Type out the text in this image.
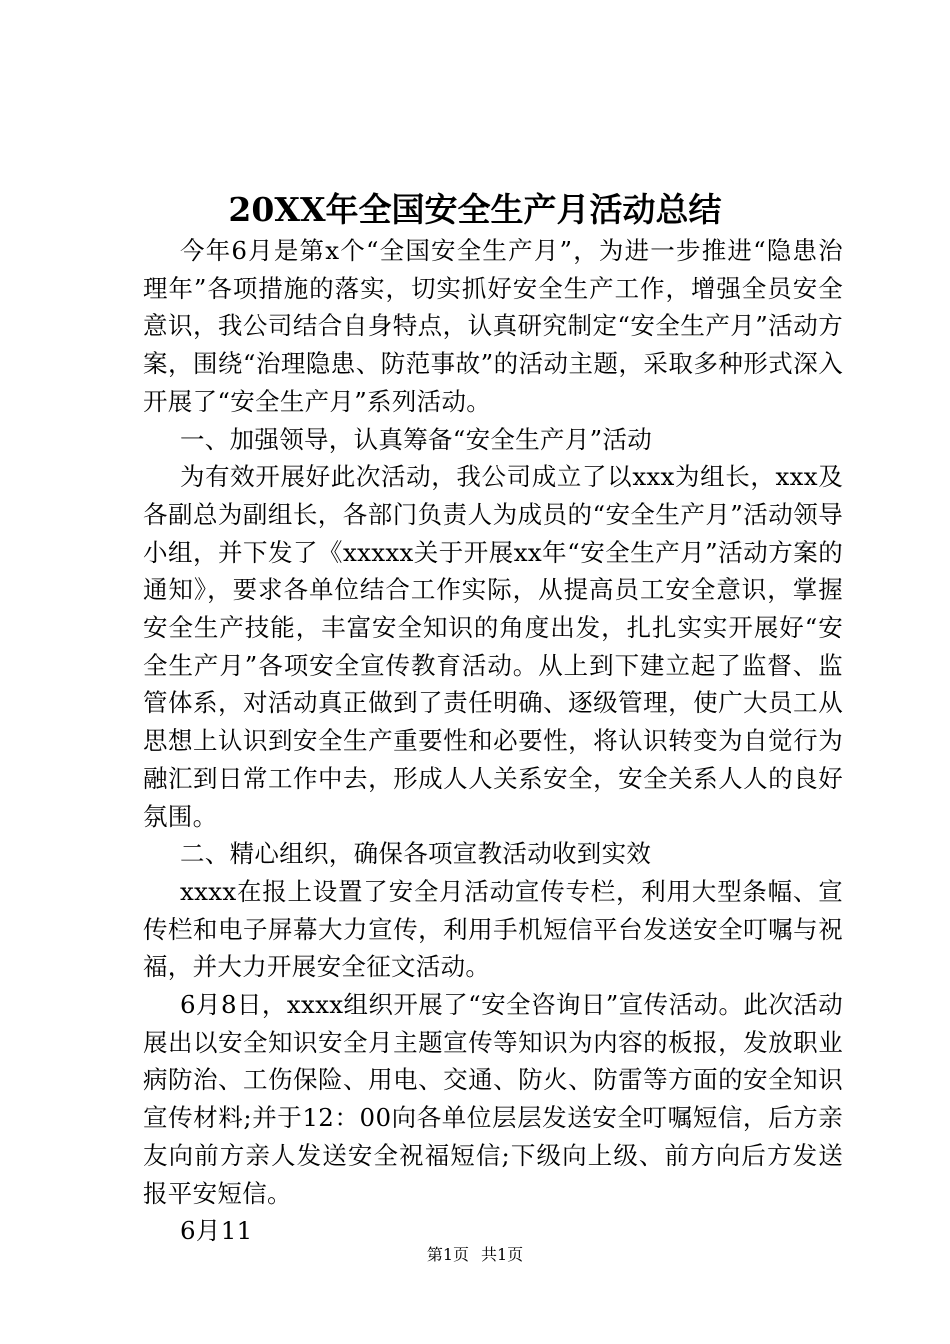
20XX年全国安全生产月活动总结

今年6月是第x个“全国安全生产月”，为进一步推进“隐患治理年”各项措施的落实，切实抓好安全生产工作，增强全员安全意识，我公司结合自身特点，认真研究制定“安全生产月”活动方案，围绕“治理隐患、防范事故”的活动主题，采取多种形式深入开展了“安全生产月”系列活动。

一、加强领导，认真筹备“安全生产月”活动

为有效开展好此次活动，我公司成立了以xxx为组长，xxx及各副总为副组长，各部门负责人为成员的“安全生产月”活动领导小组，并下发了《xxxxx关于开展xx年“安全生产月”活动方案的通知》，要求各单位结合工作实际，从提高员工安全意识，掌握安全生产技能，丰富安全知识的角度出发，扎扎实实开展好“安全生产月”各项安全宣传教育活动。从上到下建立起了监督、监管体系，对活动真正做到了责任明确、逐级管理，使广大员工从思想上认识到安全生产重要性和必要性，将认识转变为自觉行为融汇到日常工作中去，形成人人关系安全，安全关系人人的良好氛围。

二、精心组织，确保各项宣教活动收到实效

xxxx在报上设置了安全月活动宣传专栏，利用大型条幅、宣传栏和电子屏幕大力宣传，利用手机短信平台发送安全叮嘱与祝福，并大力开展安全征文活动。

6月8日，xxxx组织开展了“安全咨询日”宣传活动。此次活动展出以安全知识安全月主题宣传等知识为内容的板报，发放职业病防治、工伤保险、用电、交通、防火、防雷等方面的安全知识宣传材料;并于12：00向各单位层层发送安全叮嘱短信，后方亲友向前方亲人发送安全祝福短信;下级向上级、前方向后方发送报平安短信。

6月11

第1页 共1页
